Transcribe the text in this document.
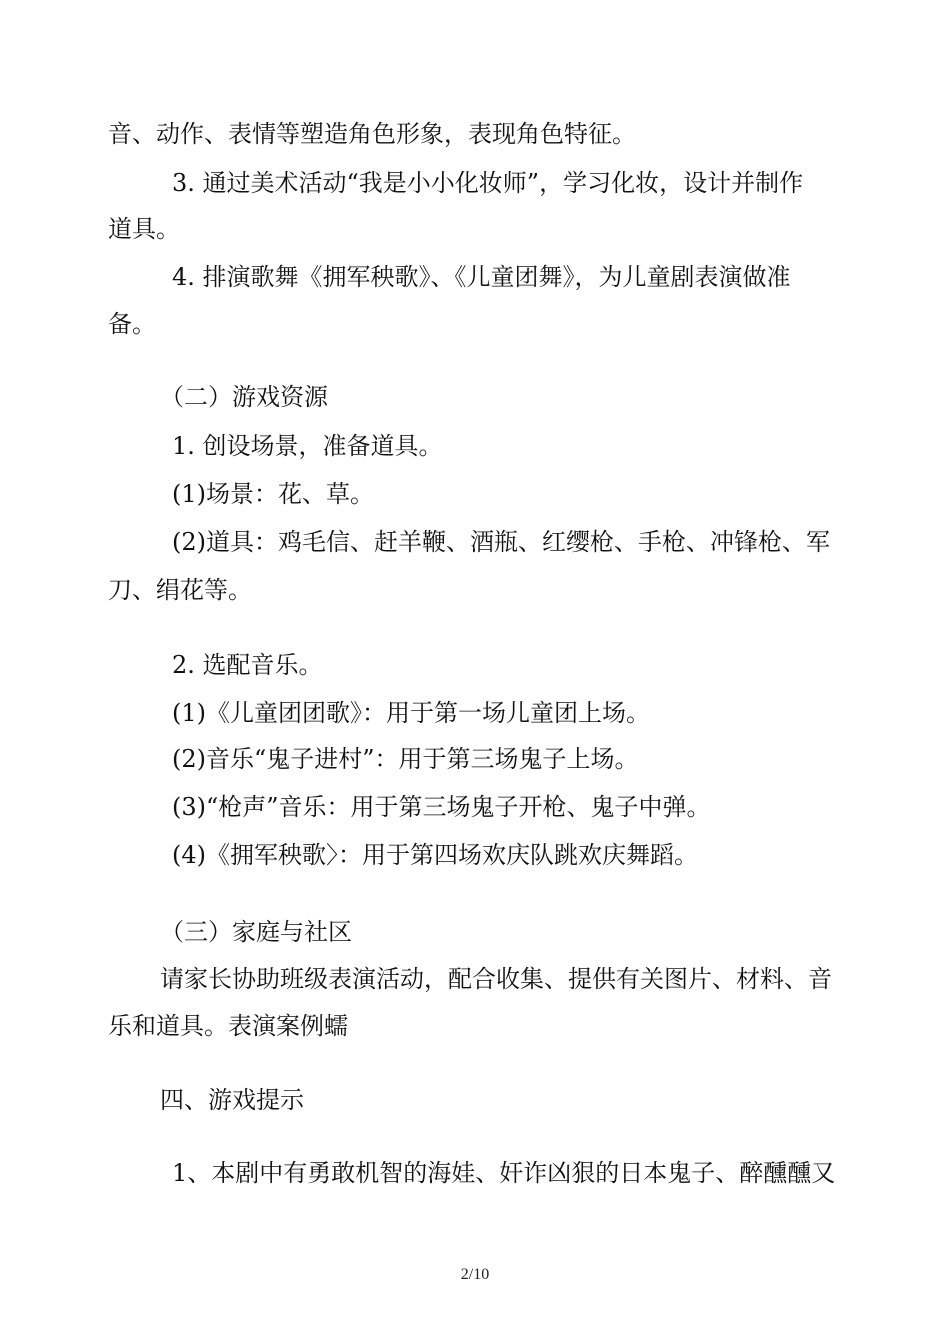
音、动作、表情等塑造角色形象，表现角色特征。
3. 通过美术活动“我是小小化妆师”，学习化妆，设计并制作
道具。
4. 排演歌舞《拥军秧歌》、《儿童团舞》，为儿童剧表演做准
备。
（二）游戏资源
1. 创设场景，准备道具。
(1)场景：花、草。
(2)道具：鸡毛信、赶羊鞭、酒瓶、红缨枪、手枪、冲锋枪、军
刀、绢花等。
2. 选配音乐。
(1)《儿童团团歌》：用于第一场儿童团上场。
(2)音乐“鬼子进村”：用于第三场鬼子上场。
(3)“枪声”音乐：用于第三场鬼子开枪、鬼子中弹。
(4)《拥军秧歌〉：用于第四场欢庆队跳欢庆舞蹈。
（三）家庭与社区
请家长协助班级表演活动，配合收集、提供有关图片、材料、音
乐和道具。表演案例蠕
四、游戏提示
1、本剧中有勇敢机智的海娃、奸诈凶狠的日本鬼子、醉醺醺又
2/10
